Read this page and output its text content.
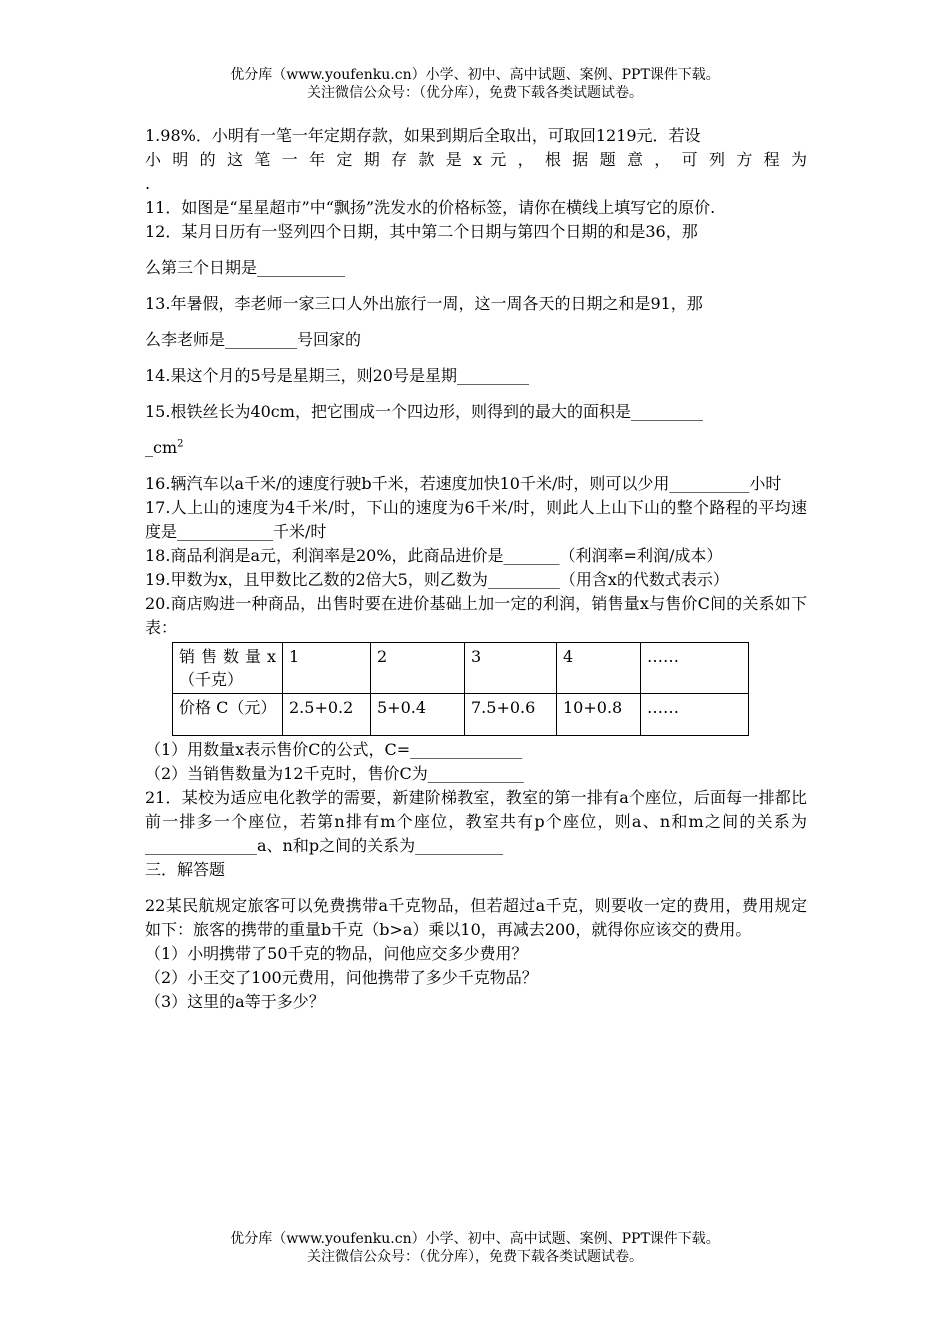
优分库（www.youfenku.cn）小学、初中、高中试题、案例、PPT课件下载。
关注微信公众号：（优分库），免费下载各类试题试卷。

1.98%．小明有一笔一年定期存款，如果到期后全取出，可取回1219元．若设

小 明 的 这 笔 一 年 定 期 存 款 是 x 元 ， 根 据 题 意 ， 可 列 方 程 为

.

11．如图是“星星超市”中“飘扬”洗发水的价格标签，请你在横线上填写它的原价.

12．某月日历有一竖列四个日期，其中第二个日期与第四个日期的和是36，那

么第三个日期是___________

13.年暑假，李老师一家三口人外出旅行一周，这一周各天的日期之和是91，那

么李老师是_________号回家的

14.果这个月的5号是星期三，则20号是星期_________

15.根铁丝长为40cm，把它围成一个四边形，则得到的最大的面积是_________

$\_cm^2$

16.辆汽车以a千米/的速度行驶b千米，若速度加快10千米/时，则可以少用__________小时

17.人上山的速度为4千米/时，下山的速度为6千米/时，则此人上山下山的整个路程的平均速度是____________千米/时

18.商品利润是a元，利润率是20%，此商品进价是_______（利润率=利润/成本）

19.甲数为x，且甲数比乙数的2倍大5，则乙数为_________（用含x的代数式表示）

20.商店购进一种商品，出售时要在进价基础上加一定的利润，销售量x与售价C间的关系如下表：

销售数量x（千克）	1	2	3	4	……
价格 C（元）	2.5+0.2	5+0.4	7.5+0.6	10+0.8	……

（1）用数量x表示售价C的公式，C=______________

（2）当销售数量为12千克时，售价C为____________

21．某校为适应电化教学的需要，新建阶梯教室，教室的第一排有a个座位，后面每一排都比前一排多一个座位，若第n排有m个座位，教室共有p个座位，则a、n和m之间的关系为______________a、n和p之间的关系为___________

三．解答题

22某民航规定旅客可以免费携带a千克物品，但若超过a千克，则要收一定的费用，费用规定如下：旅客的携带的重量b千克（b>a）乘以10，再减去200，就得你应该交的费用。

（1）小明携带了50千克的物品，问他应交多少费用？

（2）小王交了100元费用，问他携带了多少千克物品？

（3）这里的a等于多少？

优分库（www.youfenku.cn）小学、初中、高中试题、案例、PPT课件下载。
关注微信公众号：（优分库），免费下载各类试题试卷。
